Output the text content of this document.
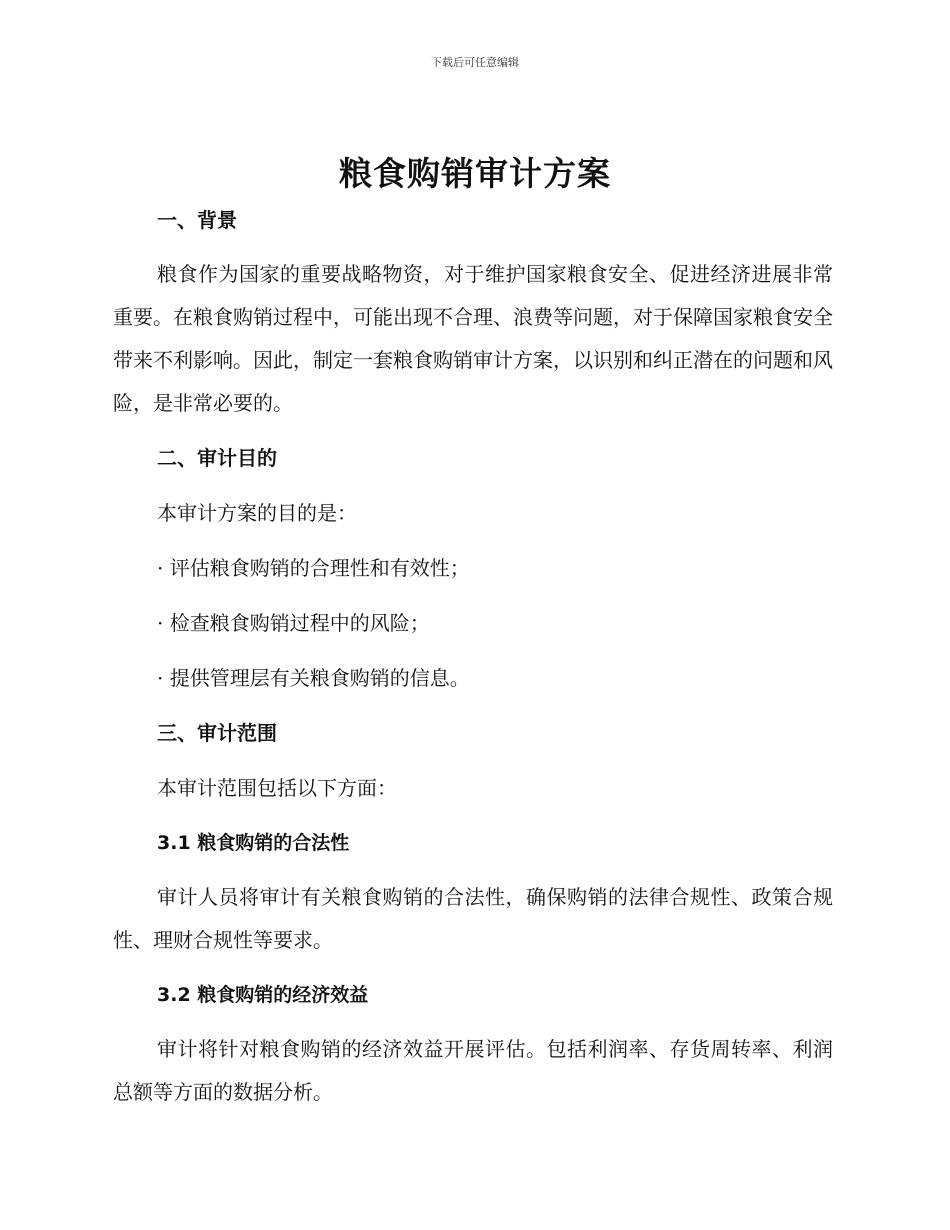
下载后可任意编辑
粮食购销审计方案

一、背景

粮食作为国家的重要战略物资，对于维护国家粮食安全、促进经济进展非常重要。在粮食购销过程中，可能出现不合理、浪费等问题，对于保障国家粮食安全带来不利影响。因此，制定一套粮食购销审计方案，以识别和纠正潜在的问题和风险，是非常必要的。

二、审计目的

本审计方案的目的是：

· 评估粮食购销的合理性和有效性；

· 检查粮食购销过程中的风险；

· 提供管理层有关粮食购销的信息。

三、审计范围

本审计范围包括以下方面：

3.1 粮食购销的合法性

审计人员将审计有关粮食购销的合法性，确保购销的法律合规性、政策合规性、理财合规性等要求。

3.2 粮食购销的经济效益

审计将针对粮食购销的经济效益开展评估。包括利润率、存货周转率、利润总额等方面的数据分析。
